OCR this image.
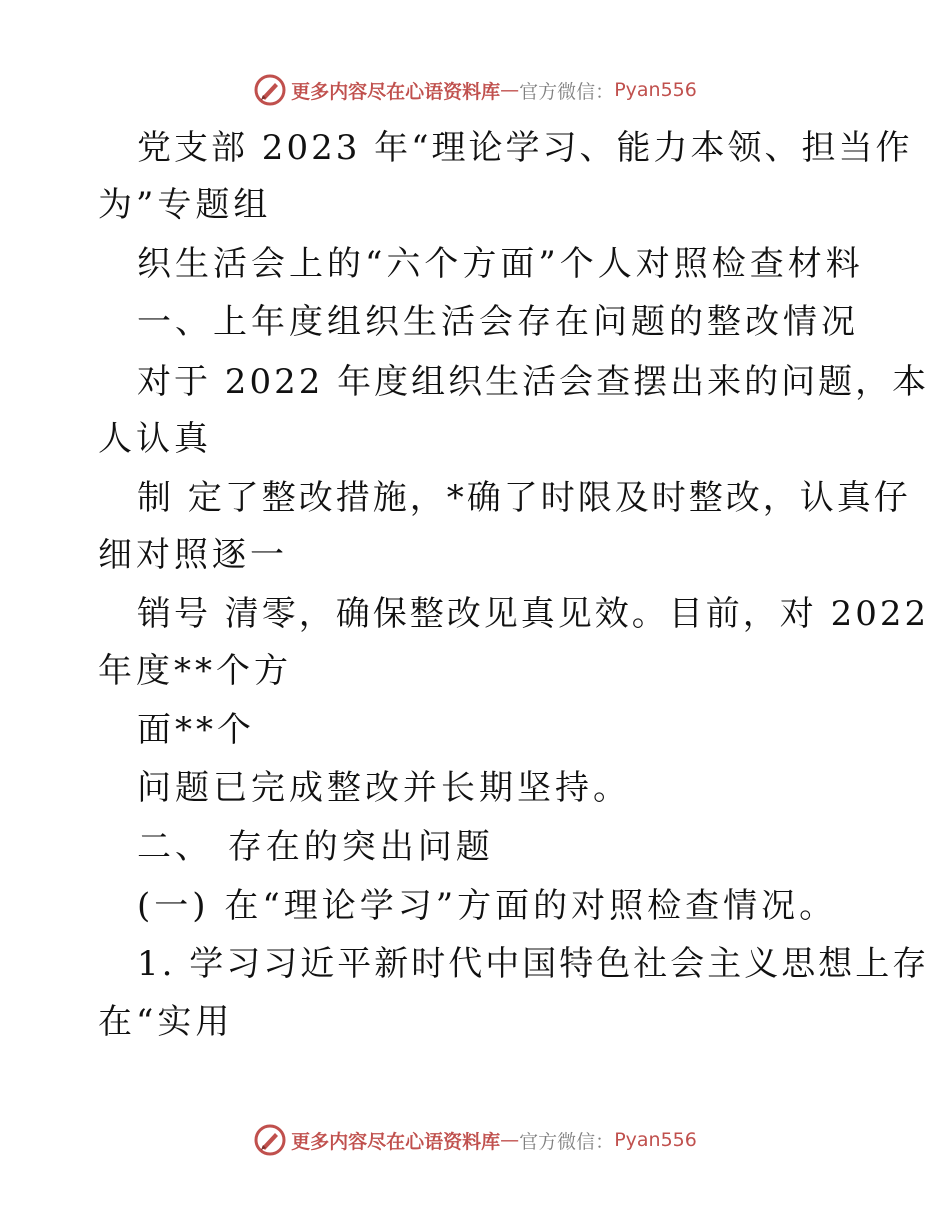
更多内容尽在心语资料库 — 官方微信： Pyan556
党支部 2023 年“理论学习、能力本领、担当作
为”专题组
织生活会上的“六个方面”个人对照检查材料
一、上年度组织生活会存在问题的整改情况
对于 2022 年度组织生活会查摆出来的问题，本
人认真
制 定了整改措施，*确了时限及时整改，认真仔
细对照逐一
销号 清零，确保整改见真见效。目前，对 2022
年度**个方
面**个
问题已完成整改并长期坚持。
二、 存在的突出问题
(一) 在“理论学习”方面的对照检查情况。
1. 学习习近平新时代中国特色社会主义思想上存
在“实用
更多内容尽在心语资料库 — 官方微信： Pyan556
